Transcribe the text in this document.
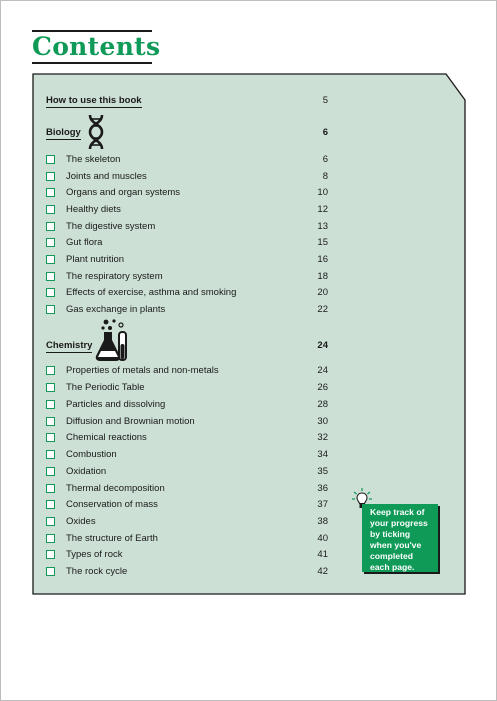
Contents
How to use this book	5
Biology	6
The skeleton	6
Joints and muscles	8
Organs and organ systems	10
Healthy diets	12
The digestive system	13
Gut flora	15
Plant nutrition	16
The respiratory system	18
Effects of exercise, asthma and smoking	20
Gas exchange in plants	22
Chemistry	24
Properties of metals and non-metals	24
The Periodic Table	26
Particles and dissolving	28
Diffusion and Brownian motion	30
Chemical reactions	32
Combustion	34
Oxidation	35
Thermal decomposition	36
Conservation of mass	37
Oxides	38
The structure of Earth	40
Types of rock	41
The rock cycle	42
Keep track of
your progress
by ticking
when you've
completed
each page.
